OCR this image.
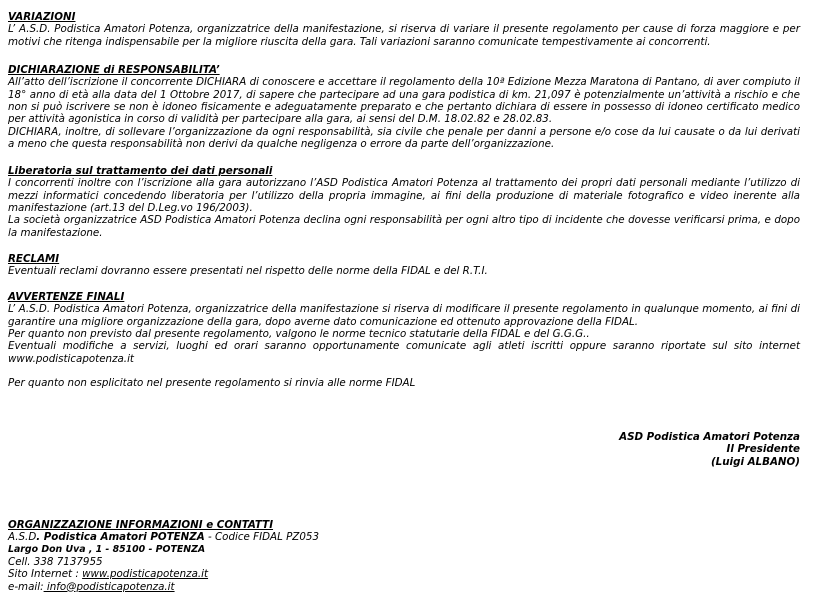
VARIAZIONI
L’ A.S.D. Podistica Amatori Potenza, organizzatrice della manifestazione, si riserva di variare il presente regolamento per cause di forza maggiore e per motivi che ritenga indispensabile per la migliore riuscita della gara. Tali variazioni saranno comunicate tempestivamente ai concorrenti.
DICHIARAZIONE di RESPONSABILITA’
All’atto dell’iscrizione il concorrente DICHIARA di conoscere e accettare il regolamento della 10ª Edizione Mezza Maratona di Pantano, di aver compiuto il 18° anno di età alla data del 1 Ottobre 2017, di sapere che partecipare ad una gara podistica di km. 21,097 è potenzialmente un’attività a rischio e che non si può iscrivere se non è idoneo fisicamente e adeguatamente preparato e che pertanto dichiara di essere in possesso di idoneo certificato medico per attività agonistica in corso di validità per partecipare alla gara, ai sensi del D.M. 18.02.82 e 28.02.83.
DICHIARA, inoltre, di sollevare l’organizzazione da ogni responsabilità, sia civile che penale per danni a persone e/o cose da lui causate o da lui derivati a meno che questa responsabilità non derivi da qualche negligenza o errore da parte dell’organizzazione.
Liberatoria sul trattamento dei dati personali
I concorrenti inoltre con l’iscrizione alla gara autorizzano l’ASD Podistica Amatori Potenza al trattamento dei propri dati personali mediante l’utilizzo di mezzi informatici concedendo liberatoria per l’utilizzo della propria immagine, ai fini della produzione di materiale fotografico e video inerente alla manifestazione (art.13 del D.Leg.vo 196/2003).
La società organizzatrice ASD Podistica Amatori Potenza declina ogni responsabilità per ogni altro tipo di incidente che dovesse verificarsi prima, e dopo la manifestazione.
RECLAMI
Eventuali reclami dovranno essere presentati nel rispetto delle norme della FIDAL e del R.T.I.
AVVERTENZE FINALI
L’ A.S.D. Podistica Amatori Potenza, organizzatrice della manifestazione si riserva di modificare il presente regolamento in qualunque momento, ai fini di garantire una migliore organizzazione della gara, dopo averne dato comunicazione ed ottenuto approvazione della FIDAL.
Per quanto non previsto dal presente regolamento, valgono le norme tecnico statutarie della FIDAL e del G.G.G..
Eventuali modifiche a servizi, luoghi ed orari saranno opportunamente comunicate agli atleti iscritti oppure saranno riportate sul sito internet www.podisticapotenza.it
Per quanto non esplicitato nel presente regolamento si rinvia alle norme FIDAL
ASD Podistica Amatori Potenza
Il Presidente
(Luigi ALBANO)
ORGANIZZAZIONE INFORMAZIONI e CONTATTI
A.S.D. Podistica Amatori POTENZA - Codice FIDAL PZ053
Largo Don Uva , 1 - 85100 - POTENZA
Cell. 338 7137955
Sito Internet : www.podisticapotenza.it
e-mail: info@podisticapotenza.it
